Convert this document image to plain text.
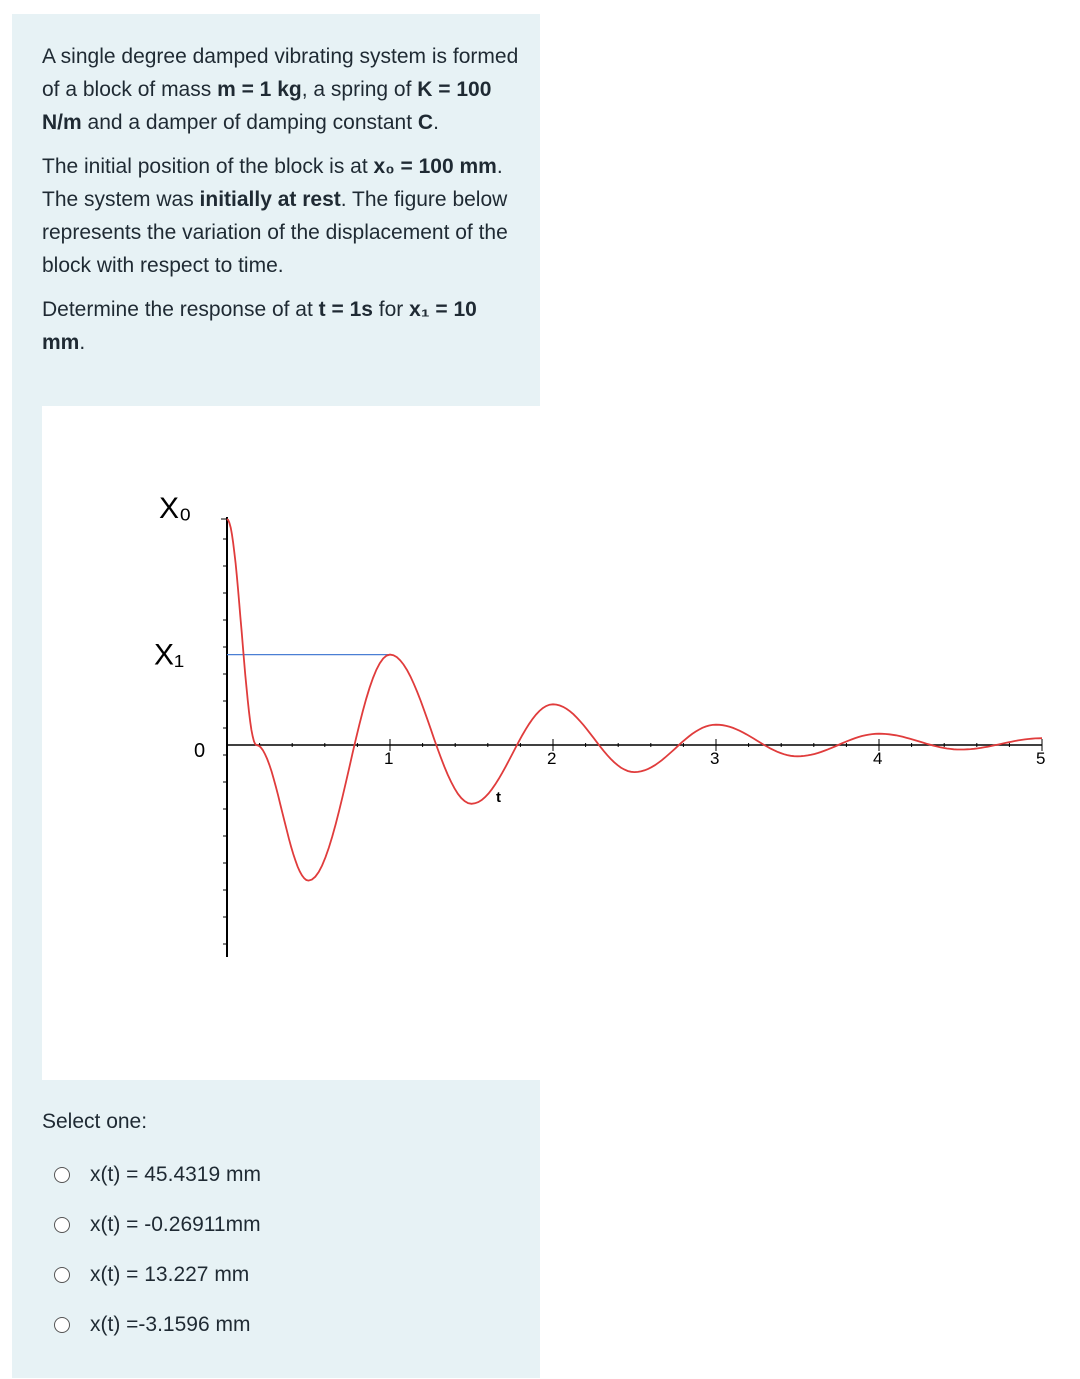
A single degree damped vibrating system is formed of a block of mass m = 1 kg, a spring of K = 100 N/m and a damper of damping constant C.

The initial position of the block is at x₀ = 100 mm. The system was initially at rest. The figure below represents the variation of the displacement of the block with respect to time.

Determine the response of at t = 1s for x₁ = 10 mm.

1	2	3	4	5
X₀
X₁
0
t
Select one:
x(t) = 45.4319 mm
x(t) = -0.26911mm
x(t) = 13.227 mm
x(t) =-3.1596 mm
